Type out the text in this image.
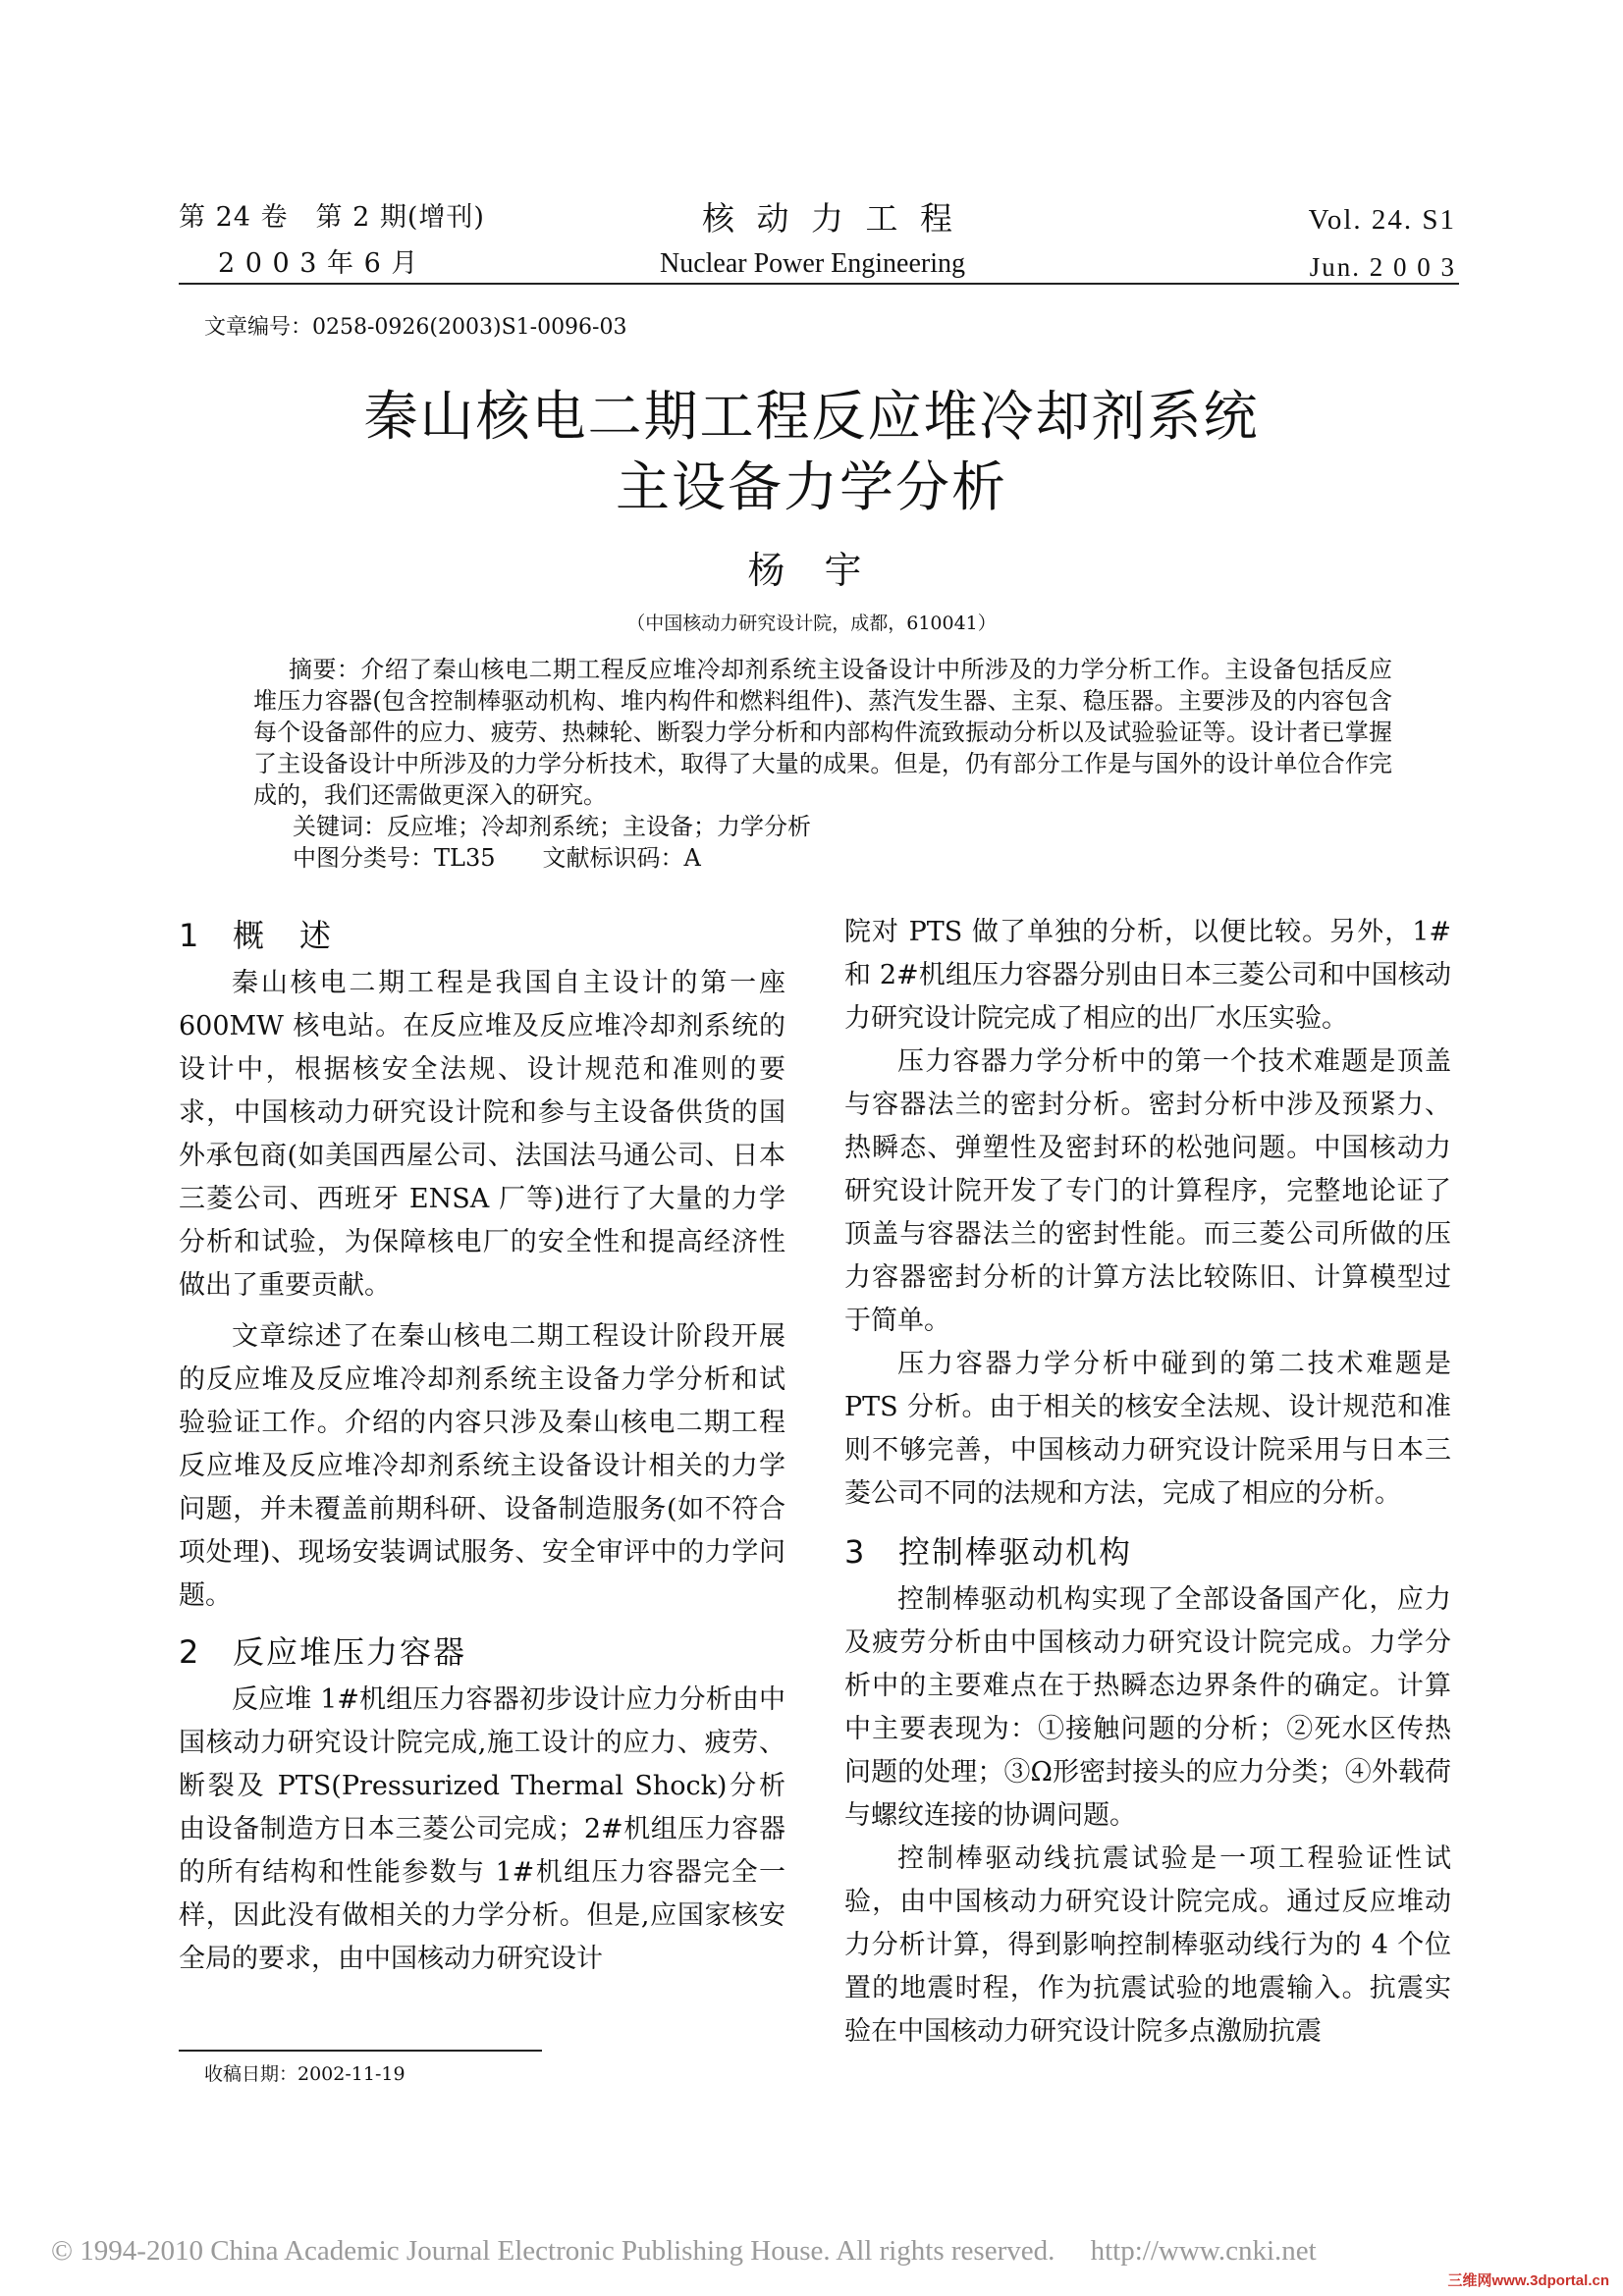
第 24 卷　第 2 期(增刊)
2 0 0 3 年 6 月
核 动 力 工 程
Nuclear Power Engineering
Vol. 24. S1
Jun. 2 0 0 3
文章编号：0258-0926(2003)S1-0096-03
秦山核电二期工程反应堆冷却剂系统
主设备力学分析
杨 宇
（中国核动力研究设计院，成都，610041）

摘要：介绍了秦山核电二期工程反应堆冷却剂系统主设备设计中所涉及的力学分析工作。主设备包括反应堆压力容器(包含控制棒驱动机构、堆内构件和燃料组件)、蒸汽发生器、主泵、稳压器。主要涉及的内容包含每个设备部件的应力、疲劳、热棘轮、断裂力学分析和内部构件流致振动分析以及试验验证等。设计者已掌握了主设备设计中所涉及的力学分析技术，取得了大量的成果。但是，仍有部分工作是与国外的设计单位合作完成的，我们还需做更深入的研究。

关键词：反应堆；冷却剂系统；主设备；力学分析

中图分类号：TL35　　文献标识码：A

1 概　述

秦山核电二期工程是我国自主设计的第一座600MW 核电站。在反应堆及反应堆冷却剂系统的设计中，根据核安全法规、设计规范和准则的要求，中国核动力研究设计院和参与主设备供货的国外承包商(如美国西屋公司、法国法马通公司、日本三菱公司、西班牙 ENSA 厂等)进行了大量的力学分析和试验，为保障核电厂的安全性和提高经济性做出了重要贡献。

文章综述了在秦山核电二期工程设计阶段开展的反应堆及反应堆冷却剂系统主设备力学分析和试验验证工作。介绍的内容只涉及秦山核电二期工程反应堆及反应堆冷却剂系统主设备设计相关的力学问题，并未覆盖前期科研、设备制造服务(如不符合项处理)、现场安装调试服务、安全审评中的力学问题。

2 反应堆压力容器

反应堆 1#机组压力容器初步设计应力分析由中国核动力研究设计院完成,施工设计的应力、疲劳、断裂及 PTS(Pressurized Thermal Shock)分析由设备制造方日本三菱公司完成；2#机组压力容器的所有结构和性能参数与 1#机组压力容器完全一样，因此没有做相关的力学分析。但是,应国家核安全局的要求，由中国核动力研究设计

院对 PTS 做了单独的分析，以便比较。另外，1#和 2#机组压力容器分别由日本三菱公司和中国核动力研究设计院完成了相应的出厂水压实验。

压力容器力学分析中的第一个技术难题是顶盖与容器法兰的密封分析。密封分析中涉及预紧力、热瞬态、弹塑性及密封环的松弛问题。中国核动力研究设计院开发了专门的计算程序，完整地论证了顶盖与容器法兰的密封性能。而三菱公司所做的压力容器密封分析的计算方法比较陈旧、计算模型过于简单。

压力容器力学分析中碰到的第二技术难题是 PTS 分析。由于相关的核安全法规、设计规范和准则不够完善，中国核动力研究设计院采用与日本三菱公司不同的法规和方法，完成了相应的分析。

3 控制棒驱动机构

控制棒驱动机构实现了全部设备国产化，应力及疲劳分析由中国核动力研究设计院完成。力学分析中的主要难点在于热瞬态边界条件的确定。计算中主要表现为：①接触问题的分析；②死水区传热问题的处理；③Ω形密封接头的应力分类；④外载荷与螺纹连接的协调问题。

控制棒驱动线抗震试验是一项工程验证性试验，由中国核动力研究设计院完成。通过反应堆动力分析计算，得到影响控制棒驱动线行为的 4 个位置的地震时程，作为抗震试验的地震输入。抗震实验在中国核动力研究设计院多点激励抗震

收稿日期：2002-11-19
© 1994-2010 China Academic Journal Electronic Publishing House. All rights reserved.　 http://www.cnki.net
三维网www.3dportal.cn
